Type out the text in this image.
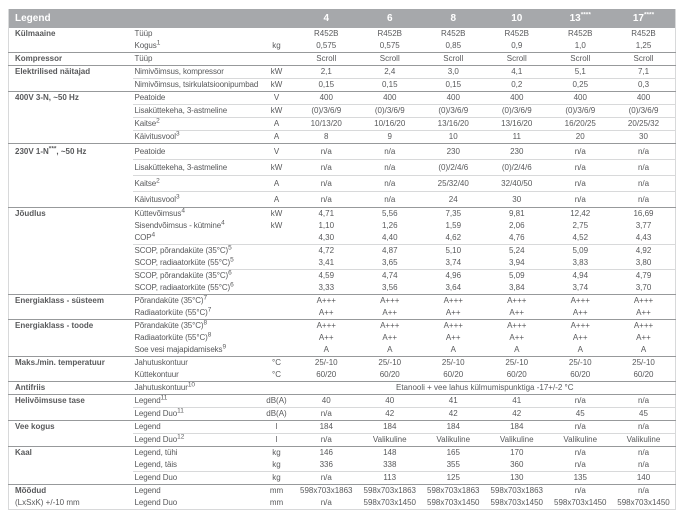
Legend			4	6	8	10	13****	17****
Külmaaine	Tüüp		R452B	R452B	R452B	R452B	R452B	R452B
	Kogus$^1$	kg	0,575	0,575	0,85	0,9	1,0	1,25
Kompressor	Tüüp		Scroll	Scroll	Scroll	Scroll	Scroll	Scroll
Elektrilised näitajad	Nimivõimsus, kompressor	kW	2,1	2,4	3,0	4,1	5,1	7,1
	Nimivõimsus, tsirkulatsioonipumbad	kW	0,15	0,15	0,15	0,2	0,25	0,3
400V 3-N, ~50 Hz	Peatoide	V	400	400	400	400	400	400
	Lisaküttekeha, 3-astmeline	kW	(0)/3/6/9	(0)/3/6/9	(0)/3/6/9	(0)/3/6/9	(0)/3/6/9	(0)/3/6/9
	Kaitse$^2$	A	10/13/20	10/16/20	13/16/20	13/16/20	16/20/25	20/25/32
	Käivitusvool$^3$	A	8	9	10	11	20	30
230V 1-N***, ~50 Hz	Peatoide	V	n/a	n/a	230	230	n/a	n/a
	Lisaküttekeha, 3-astmeline	kW	n/a	n/a	(0)/2/4/6	(0)/2/4/6	n/a	n/a
	Kaitse$^2$	A	n/a	n/a	25/32/40	32/40/50	n/a	n/a
	Käivitusvool$^3$	A	n/a	n/a	24	30	n/a	n/a
Jõudlus	Küttevõimsus$^4$	kW	4,71	5,56	7,35	9,81	12,42	16,69
	Sisendvõimsus - kütmine$^4$	kW	1,10	1,26	1,59	2,06	2,75	3,77
	COP$^4$		4,30	4,40	4,62	4,76	4,52	4,43
	SCOP, põrandaküte $(35^\circ C)^5$		4,72	4,87	5,10	5,24	5,09	4,92
	SCOP, radiaatorküte $(55^\circ C)^5$		3,41	3,65	3,74	3,94	3,83	3,80
	SCOP, põrandaküte $(35^\circ C)^6$		4,59	4,74	4,96	5,09	4,94	4,79
	SCOP, radiaatorküte $(55^\circ C)^6$		3,33	3,56	3,64	3,84	3,74	3,70
Energiaklass - süsteem	Põrandaküte $(35^\circ C)^7$		A+++	A+++	A+++	A+++	A+++	A+++
	Radiaatorküte $(55^\circ C)^7$		A++	A++	A++	A++	A++	A++
Energiaklass - toode	Põrandaküte $(35^\circ C)^8$		A+++	A+++	A+++	A+++	A+++	A+++
	Radiaatorküte $(55^\circ C)^8$		A++	A++	A++	A++	A++	A++
	Soe vesi majapidamiseks$^9$		A	A	A	A	A	A
Maks./min. temperatuur	Jahutuskontuur	°C	25/-10	25/-10	25/-10	25/-10	25/-10	25/-10
	Küttekontuur	°C	60/20	60/20	60/20	60/20	60/20	60/20
Antifriis	Jahutuskontuur$^{10}$		Etanooli + vee lahus külmumispunktiga -17+/-2 °C					
Helivõimsuse tase	Legend$^{11}$	dB(A)	40	40	41	41	n/a	n/a
	Legend Duo$^{11}$	dB(A)	n/a	42	42	42	45	45
Vee kogus	Legend	l	184	184	184	184	n/a	n/a
	Legend Duo$^{12}$	l	n/a	Valikuline	Valikuline	Valikuline	Valikuline	Valikuline
Kaal	Legend, tühi	kg	146	148	165	170	n/a	n/a
	Legend, täis	kg	336	338	355	360	n/a	n/a
	Legend Duo	kg	n/a	113	125	130	135	140
Mõõdud	Legend	mm	598x703x1863	598x703x1863	598x703x1863	598x703x1863	n/a	n/a
(LxSxK) +/-10 mm	Legend Duo	mm	n/a	598x703x1450	598x703x1450	598x703x1450	598x703x1450	598x703x1450
